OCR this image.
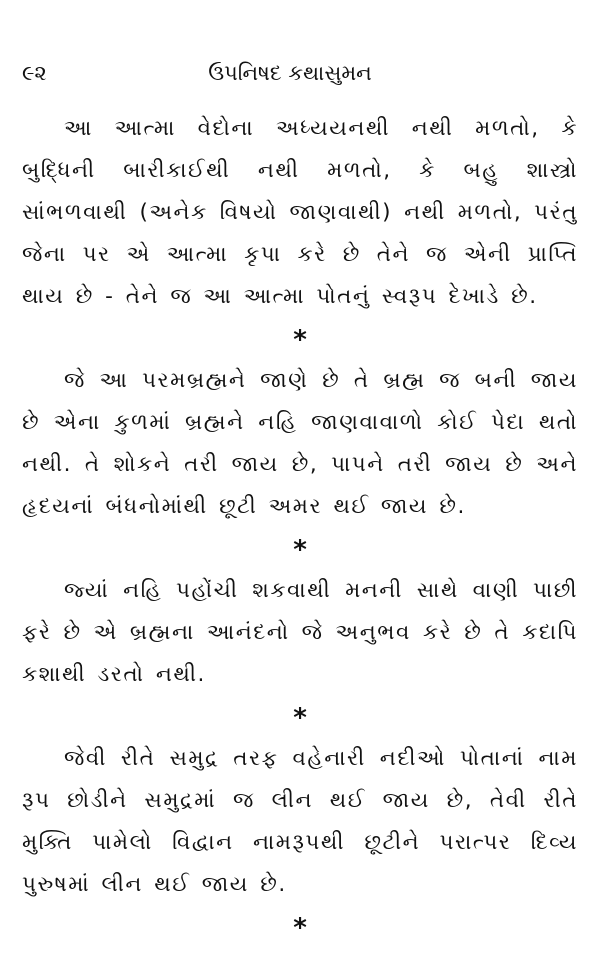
૯૨	ઉપનિષદ કથાસુમન

આ આત્મા વેદોના અધ્યયનથી નથી મળતો, કે બુદ્ધિની બારીકાઈથી નથી મળતો, કે બહુ શાસ્ત્રો સાંભળવાથી (અનેક વિષયો જાણવાથી) નથી મળતો, પરંતુ જેના પર એ આત્મા કૃપા કરે છે તેને જ એની પ્રાપ્તિ થાય છે - તેને જ આ આત્મા પોતનું સ્વરૂપ દેખાડે છે.

*

જે આ પરમબ્રહ્મને જાણે છે તે બ્રહ્મ જ બની જાય છે એના કુળમાં બ્રહ્મને નહિ જાણવાવાળો કોઈ પેદા થતો નથી. તે શોકને તરી જાય છે, પાપને તરી જાય છે અને હૃદયનાં બંધનોમાંથી છૂટી અમર થઈ જાય છે.

*

જ્યાં નહિ પહોંચી શકવાથી મનની સાથે વાણી પાછી ફરે છે એ બ્રહ્મના આનંદનો જે અનુભવ કરે છે તે કદાપિ કશાથી ડરતો નથી.

*

જેવી રીતે સમુદ્ર તરફ વહેનારી નદીઓ પોતાનાં નામ રૂપ છોડીને સમુદ્રમાં જ લીન થઈ જાય છે, તેવી રીતે મુક્તિ પામેલો વિદ્વાન નામરૂપથી છૂટીને પરાત્પર દિવ્ય પુરુષમાં લીન થઈ જાય છે.

*
